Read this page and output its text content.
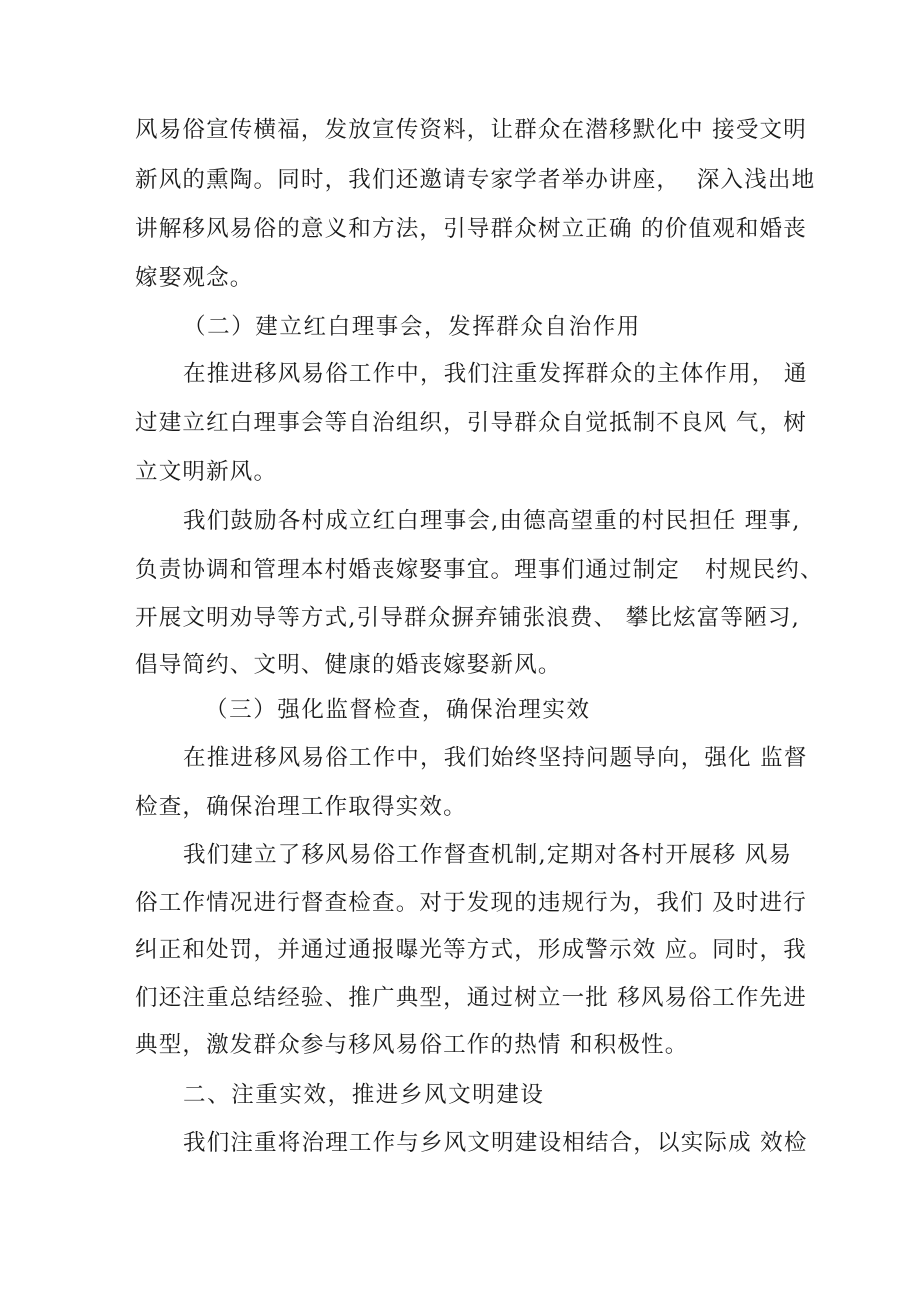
风易俗宣传横福，发放宣传资料，让群众在潜移默化中 接受文明
新风的熏陶。同时，我们还邀请专家学者举办讲座，  深入浅出地
讲解移风易俗的意义和方法，引导群众树立正确 的价值观和婚丧
嫁娶观念。
（二）建立红白理事会，发挥群众自治作用
在推进移风易俗工作中，我们注重发挥群众的主体作用， 通
过建立红白理事会等自治组织，引导群众自觉抵制不良风 气，树
立文明新风。
我们鼓励各村成立红白理事会,由德高望重的村民担任 理事,
负责协调和管理本村婚丧嫁娶事宜。理事们通过制定   村规民约、
开展文明劝导等方式,引导群众摒弃铺张浪费、 攀比炫富等陋习,
倡导简约、文明、健康的婚丧嫁娶新风。
（三）强化监督检查，确保治理实效
在推进移风易俗工作中，我们始终坚持问题导向，强化 监督
检查，确保治理工作取得实效。
我们建立了移风易俗工作督查机制,定期对各村开展移 风易
俗工作情况进行督查检查。对于发现的违规行为，我们 及时进行
纠正和处罚，并通过通报曝光等方式，形成警示效 应。同时，我
们还注重总结经验、推广典型，通过树立一批 移风易俗工作先进
典型，激发群众参与移风易俗工作的热情 和积极性。
二、注重实效，推进乡风文明建设
我们注重将治理工作与乡风文明建设相结合，以实际成 效检
